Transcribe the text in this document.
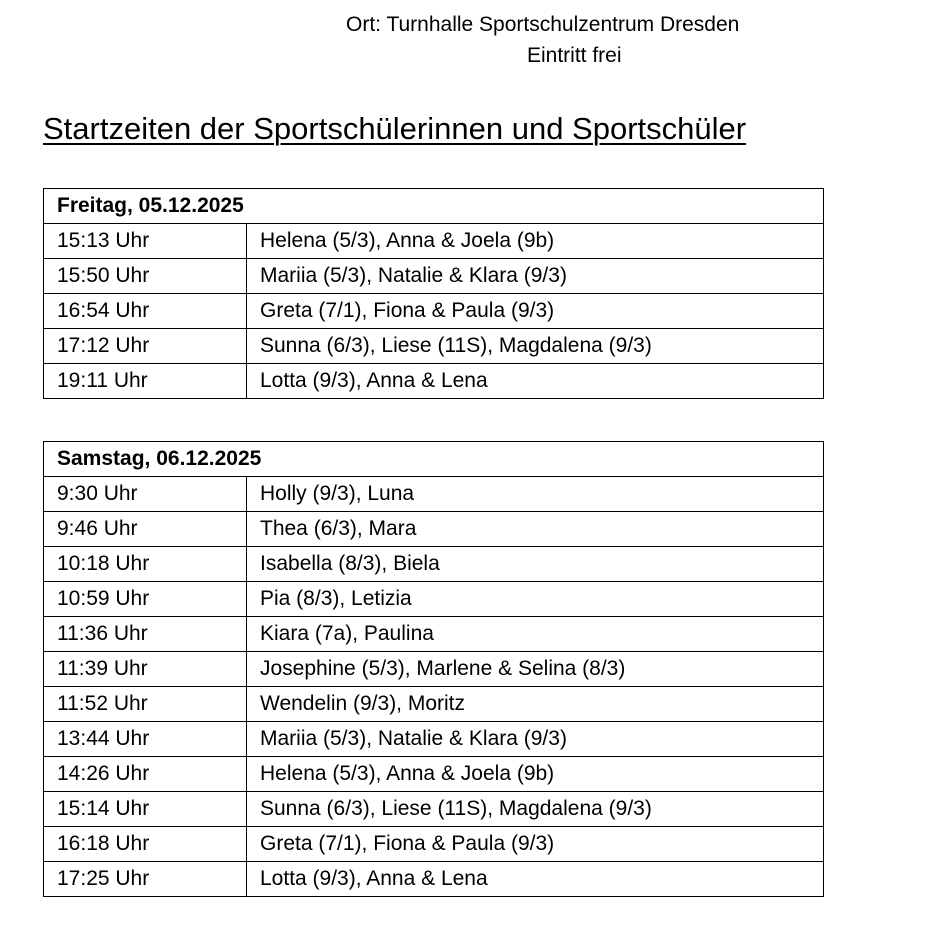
Ort: Turnhalle Sportschulzentrum Dresden
Eintritt frei
Startzeiten der Sportschülerinnen und Sportschüler
Freitag, 05.12.2025	
15:13 Uhr	Helena (5/3), Anna & Joela (9b)
15:50 Uhr	Mariia (5/3), Natalie & Klara (9/3)
16:54 Uhr	Greta (7/1), Fiona & Paula (9/3)
17:12 Uhr	Sunna (6/3), Liese (11S), Magdalena (9/3)
19:11 Uhr	Lotta (9/3), Anna & Lena
Samstag, 06.12.2025	
9:30 Uhr	Holly (9/3), Luna
9:46 Uhr	Thea (6/3), Mara
10:18 Uhr	Isabella (8/3), Biela
10:59 Uhr	Pia (8/3), Letizia
11:36 Uhr	Kiara (7a), Paulina
11:39 Uhr	Josephine (5/3), Marlene & Selina (8/3)
11:52 Uhr	Wendelin (9/3), Moritz
13:44 Uhr	Mariia (5/3), Natalie & Klara (9/3)
14:26 Uhr	Helena (5/3), Anna & Joela (9b)
15:14 Uhr	Sunna (6/3), Liese (11S), Magdalena (9/3)
16:18 Uhr	Greta (7/1), Fiona & Paula (9/3)
17:25 Uhr	Lotta (9/3), Anna & Lena
